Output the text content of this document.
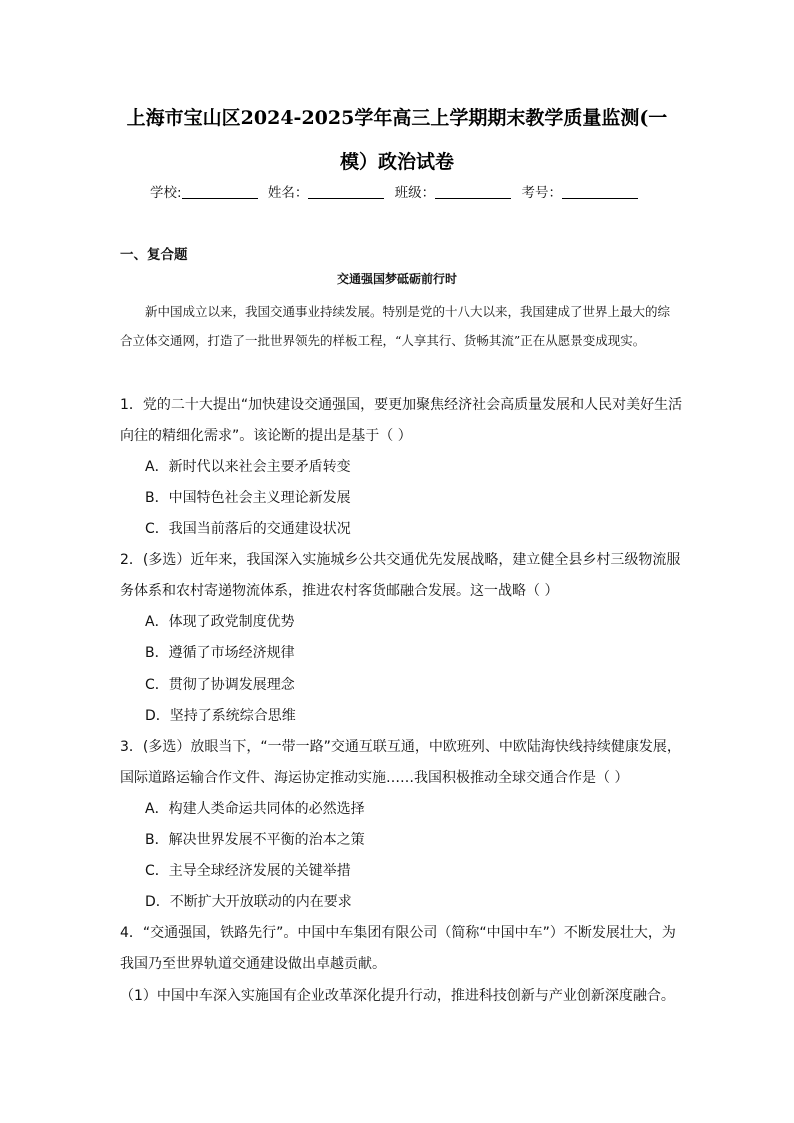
上海市宝山区2024-2025学年高三上学期期末教学质量监测(一
模）政治试卷
学校:	姓名：	班级：	考号：
一、复合题
交通强国梦砥砺前行时
新中国成立以来，我国交通事业持续发展。特别是党的十八大以来，我国建成了世界上最大的综合立体交通网，打造了一批世界领先的样板工程，“人享其行、货畅其流”正在从愿景变成现实。
1．党的二十大提出“加快建设交通强国，要更加聚焦经济社会高质量发展和人民对美好生活
向往的精细化需求”。该论断的提出是基于（ ）
A．新时代以来社会主要矛盾转变
B．中国特色社会主义理论新发展
C．我国当前落后的交通建设状况
2．(多选）近年来，我国深入实施城乡公共交通优先发展战略，建立健全县乡村三级物流服
务体系和农村寄递物流体系，推进农村客货邮融合发展。这一战略（ ）
A．体现了政党制度优势
B．遵循了市场经济规律
C．贯彻了协调发展理念
D．坚持了系统综合思维
3．(多选）放眼当下，“一带一路”交通互联互通，中欧班列、中欧陆海快线持续健康发展，
国际道路运输合作文件、海运协定推动实施……我国积极推动全球交通合作是（ ）
A．构建人类命运共同体的必然选择
B．解决世界发展不平衡的治本之策
C．主导全球经济发展的关键举措
D．不断扩大开放联动的内在要求
4．“交通强国，铁路先行”。中国中车集团有限公司（简称“中国中车”）不断发展壮大，为
我国乃至世界轨道交通建设做出卓越贡献。
（1）中国中车深入实施国有企业改革深化提升行动，推进科技创新与产业创新深度融合。
